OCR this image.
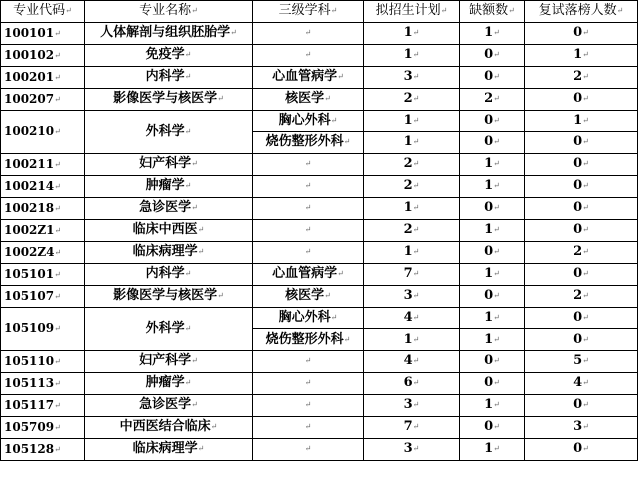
专业代码↵	专业名称↵	三级学科↵	拟招生计划↵	缺额数↵	复试落榜人数↵
100101↵	人体解剖与组织胚胎学↵	↵	1↵	1↵	0↵
100102↵	免疫学↵	↵	1↵	0↵	1↵
100201↵	内科学↵	心血管病学↵	3↵	0↵	2↵
100207↵	影像医学与核医学↵	核医学↵	2↵	2↵	0↵
100210↵	外科学↵	胸心外科↵	1↵	0↵	1↵
		烧伤整形外科↵	1↵	0↵	0↵
100211↵	妇产科学↵	↵	2↵	1↵	0↵
100214↵	肿瘤学↵	↵	2↵	1↵	0↵
100218↵	急诊医学↵	↵	1↵	0↵	0↵
1002Z1↵	临床中西医↵	↵	2↵	1↵	0↵
1002Z4↵	临床病理学↵	↵	1↵	0↵	2↵
105101↵	内科学↵	心血管病学↵	7↵	1↵	0↵
105107↵	影像医学与核医学↵	核医学↵	3↵	0↵	2↵
105109↵	外科学↵	胸心外科↵	4↵	1↵	0↵
		烧伤整形外科↵	1↵	1↵	0↵
105110↵	妇产科学↵	↵	4↵	0↵	5↵
105113↵	肿瘤学↵	↵	6↵	0↵	4↵
105117↵	急诊医学↵	↵	3↵	1↵	0↵
105709↵	中西医结合临床↵	↵	7↵	0↵	3↵
105128↵	临床病理学↵	↵	3↵	1↵	0↵
